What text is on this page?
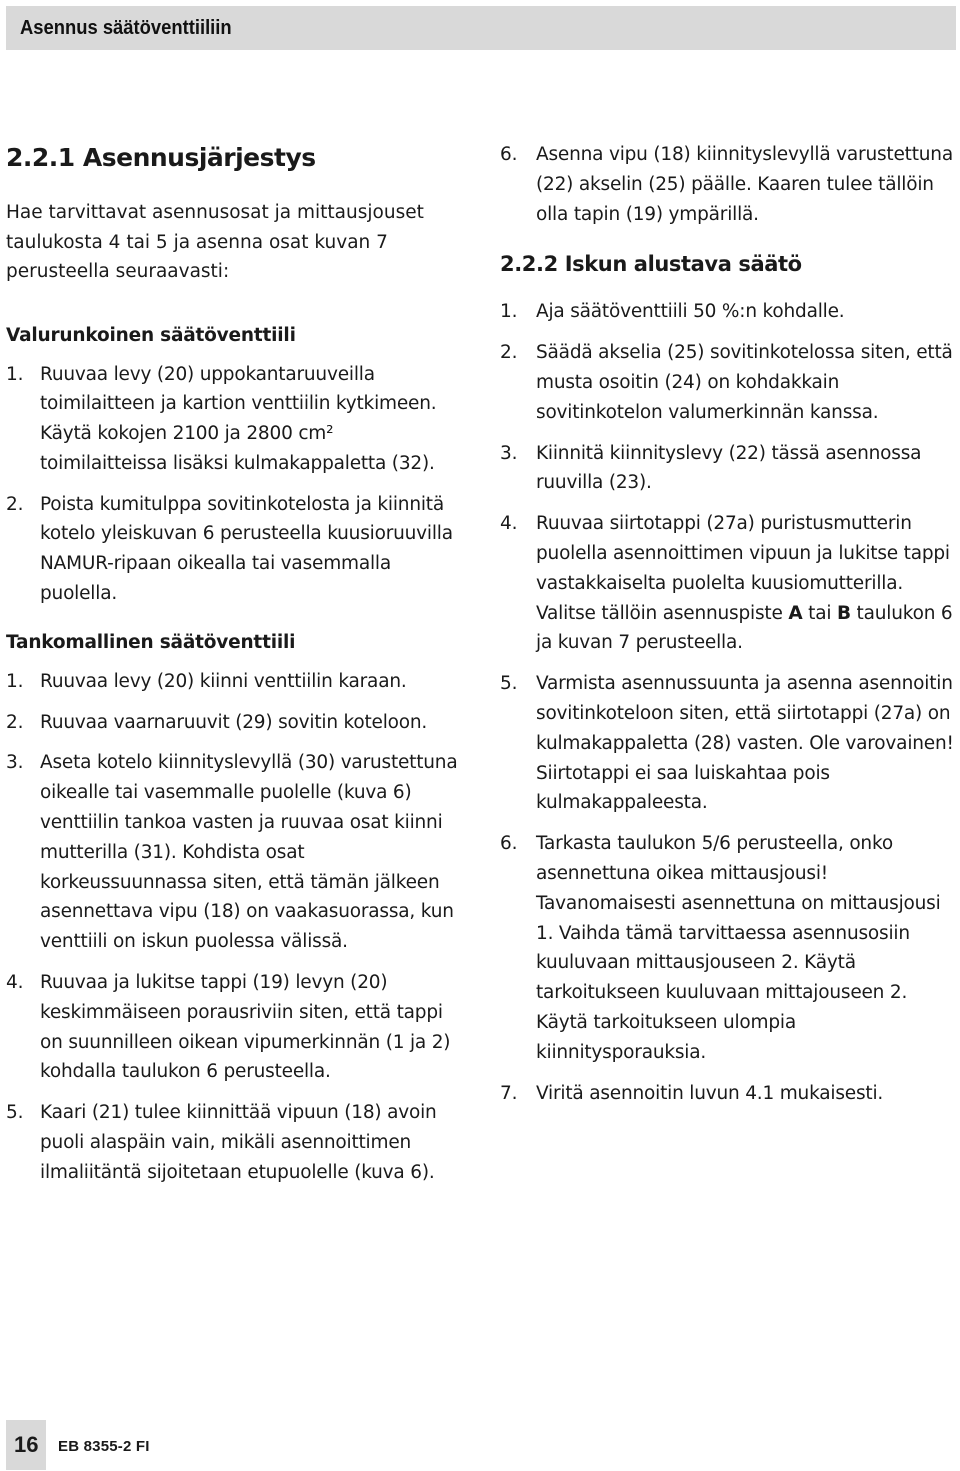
Asennus säätöventtiiliin
2.2.1 Asennusjärjestys

Hae tarvittavat asennusosat ja mittausjouset taulukosta 4 tai 5 ja asenna osat kuvan 7 perusteella seuraavasti:

Valurunkoinen säätöventtiili
1. Ruuvaa levy (20) uppokantaruuveilla toimilaitteen ja kartion venttiilin kytkimeen. Käytä kokojen 2100 ja 2800 cm² toimilaitteissa lisäksi kulmakappaletta (32).
2. Poista kumitulppa sovitinkotelosta ja kiinnitä kotelo yleiskuvan 6 perusteella kuusioruuvilla NAMUR-ripaan oikealla tai vasemmalla puolella.
Tankomallinen säätöventtiili
1. Ruuvaa levy (20) kiinni venttiilin karaan.
2. Ruuvaa vaarnaruuvit (29) sovitin koteloon.
3. Aseta kotelo kiinnityslevyllä (30) varustettuna oikealle tai vasemmalle puolelle (kuva 6) venttiilin tankoa vasten ja ruuvaa osat kiinni mutterilla (31). Kohdista osat korkeussuunnassa siten, että tämän jälkeen asennettava vipu (18) on vaakasuorassa, kun venttiili on iskun puolessa välissä.
4. Ruuvaa ja lukitse tappi (19) levyn (20) keskimmäiseen porausriviin siten, että tappi on suunnilleen oikean vipumerkinnän (1 ja 2) kohdalla taulukon 6 perusteella.
5. Kaari (21) tulee kiinnittää vipuun (18) avoin puoli alaspäin vain, mikäli asennoittimen ilmaliitäntä sijoitetaan etupuolelle (kuva 6).
6. Asenna vipu (18) kiinnityslevyllä varustettuna (22) akselin (25) päälle. Kaaren tulee tällöin olla tapin (19) ympärillä.
2.2.2 Iskun alustava säätö
1. Aja säätöventtiili 50 %:n kohdalle.
2. Säädä akselia (25) sovitinkotelossa siten, että musta osoitin (24) on kohdakkain sovitinkotelon valumerkinnän kanssa.
3. Kiinnitä kiinnityslevy (22) tässä asennossa ruuvilla (23).
4. Ruuvaa siirtotappi (27a) puristusmutterin puolella asennoittimen vipuun ja lukitse tappi vastakkaiselta puolelta kuusiomutterilla. Valitse tällöin asennuspiste A tai B taulukon 6 ja kuvan 7 perusteella.
5. Varmista asennussuunta ja asenna asennoitin sovitinkoteloon siten, että siirtotappi (27a) on kulmakappaletta (28) vasten. Ole varovainen! Siirtotappi ei saa luiskahtaa pois kulmakappaleesta.
6. Tarkasta taulukon 5/6 perusteella, onko asennettuna oikea mittausjousi! Tavanomaisesti asennettuna on mittausjousi 1. Vaihda tämä tarvittaessa asennusosiin kuuluvaan mittausjouseen 2. Käytä tarkoitukseen kuuluvaan mittajouseen 2. Käytä tarkoitukseen ulompia kiinnitysporauksia.
7. Viritä asennoitin luvun 4.1 mukaisesti.
16 EB 8355-2 FI
